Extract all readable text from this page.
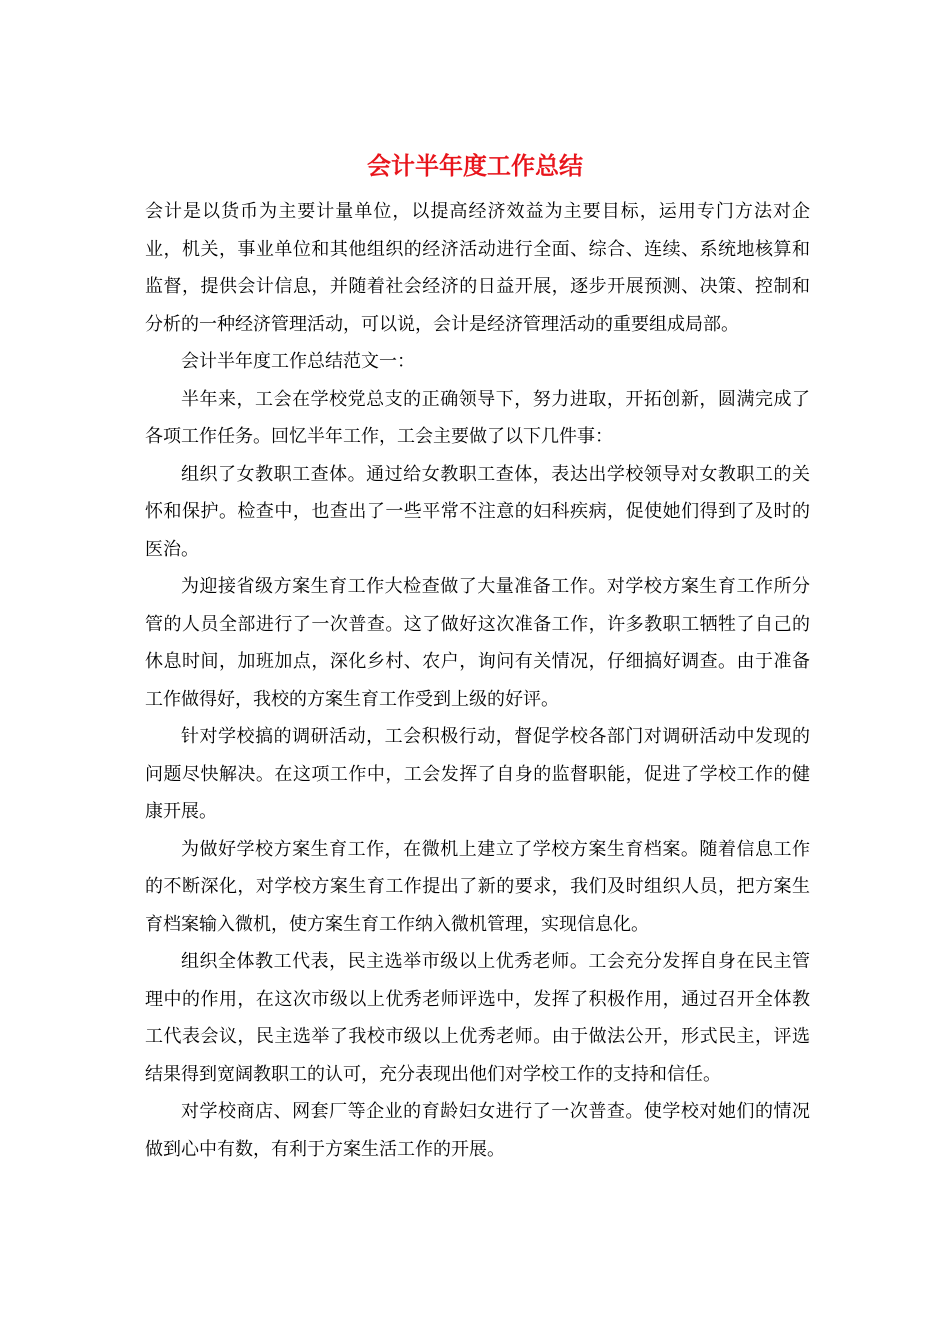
会计半年度工作总结

会计是以货币为主要计量单位，以提高经济效益为主要目标，运用专门方法对企业，机关，事业单位和其他组织的经济活动进行全面、综合、连续、系统地核算和监督，提供会计信息，并随着社会经济的日益开展，逐步开展预测、决策、控制和分析的一种经济管理活动，可以说，会计是经济管理活动的重要组成局部。

会计半年度工作总结范文一：

半年来，工会在学校党总支的正确领导下，努力进取，开拓创新，圆满完成了各项工作任务。回忆半年工作，工会主要做了以下几件事：

组织了女教职工查体。通过给女教职工查体，表达出学校领导对女教职工的关怀和保护。检查中，也查出了一些平常不注意的妇科疾病，促使她们得到了及时的医治。

为迎接省级方案生育工作大检查做了大量准备工作。对学校方案生育工作所分管的人员全部进行了一次普查。这了做好这次准备工作，许多教职工牺牲了自己的休息时间，加班加点，深化乡村、农户，询问有关情况，仔细搞好调查。由于准备工作做得好，我校的方案生育工作受到上级的好评。

针对学校搞的调研活动，工会积极行动，督促学校各部门对调研活动中发现的问题尽快解决。在这项工作中，工会发挥了自身的监督职能，促进了学校工作的健康开展。

为做好学校方案生育工作，在微机上建立了学校方案生育档案。随着信息工作的不断深化，对学校方案生育工作提出了新的要求，我们及时组织人员，把方案生育档案输入微机，使方案生育工作纳入微机管理，实现信息化。

组织全体教工代表，民主选举市级以上优秀老师。工会充分发挥自身在民主管理中的作用，在这次市级以上优秀老师评选中，发挥了积极作用，通过召开全体教工代表会议，民主选举了我校市级以上优秀老师。由于做法公开，形式民主，评选结果得到宽阔教职工的认可，充分表现出他们对学校工作的支持和信任。

对学校商店、网套厂等企业的育龄妇女进行了一次普查。使学校对她们的情况做到心中有数，有利于方案生活工作的开展。
